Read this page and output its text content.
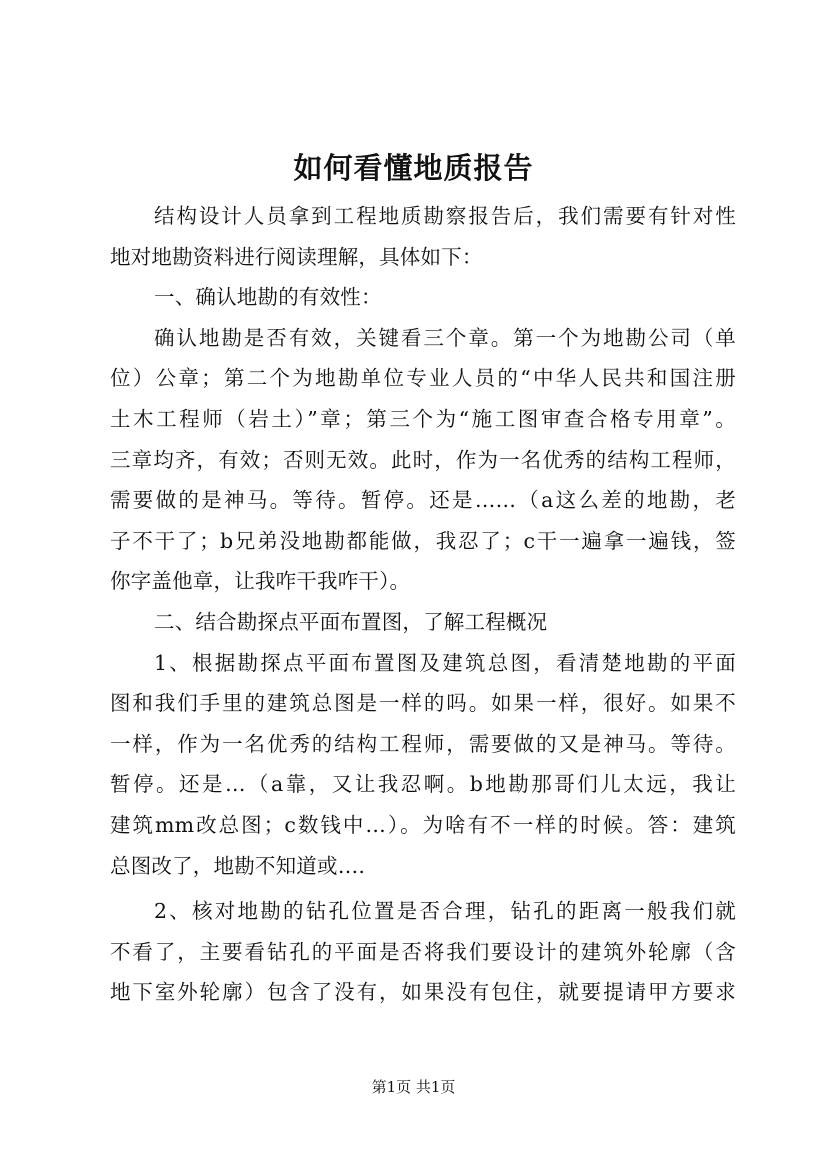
如何看懂地质报告
结构设计人员拿到工程地质勘察报告后，我们需要有针对性
地对地勘资料进行阅读理解，具体如下：
一、确认地勘的有效性：
确认地勘是否有效，关键看三个章。第一个为地勘公司（单
位）公章；第二个为地勘单位专业人员的“中华人民共和国注册
土木工程师（岩土）”章；第三个为“施工图审查合格专用章”。
三章均齐，有效；否则无效。此时，作为一名优秀的结构工程师，
需要做的是神马。等待。暂停。还是……（a这么差的地勘，老
子不干了；b兄弟没地勘都能做，我忍了；c干一遍拿一遍钱，签
你字盖他章，让我咋干我咋干）。
二、结合勘探点平面布置图，了解工程概况
1、根据勘探点平面布置图及建筑总图，看清楚地勘的平面
图和我们手里的建筑总图是一样的吗。如果一样，很好。如果不
一样，作为一名优秀的结构工程师，需要做的又是神马。等待。
暂停。还是…（a靠，又让我忍啊。b地勘那哥们儿太远，我让
建筑mm改总图；c数钱中…）。为啥有不一样的时候。答：建筑
总图改了，地勘不知道或….
2、核对地勘的钻孔位置是否合理，钻孔的距离一般我们就
不看了，主要看钻孔的平面是否将我们要设计的建筑外轮廓（含
地下室外轮廓）包含了没有，如果没有包住，就要提请甲方要求
第1页 共1页
